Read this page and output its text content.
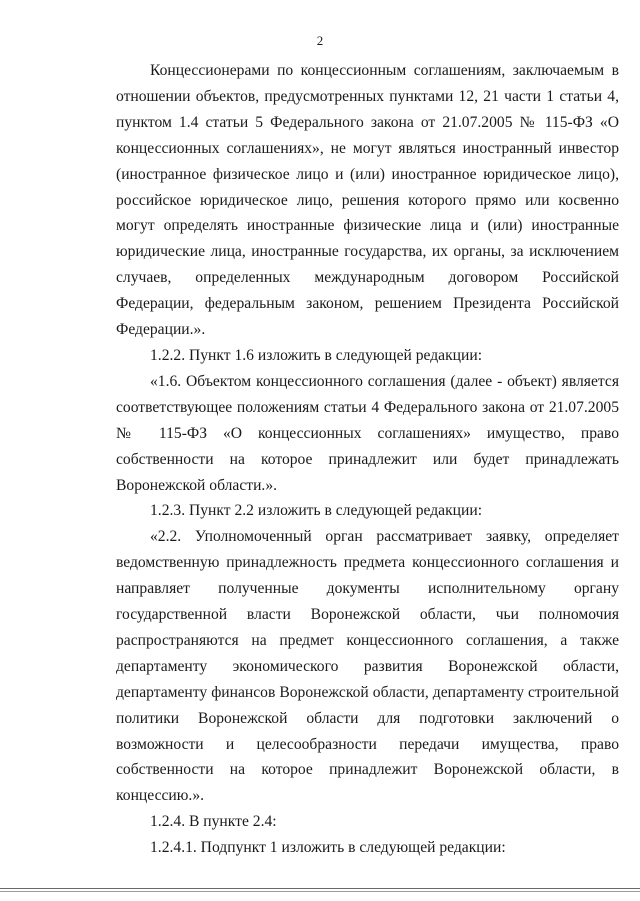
2

Концессионерами по концессионным соглашениям, заключаемым в отношении объектов, предусмотренных пунктами 12, 21 части 1 статьи 4, пунктом 1.4 статьи 5 Федерального закона от 21.07.2005 № 115-ФЗ «О концессионных соглашениях», не могут являться иностранный инвестор (иностранное физическое лицо и (или) иностранное юридическое лицо), российское юридическое лицо, решения которого прямо или косвенно могут определять иностранные физические лица и (или) иностранные юридические лица, иностранные государства, их органы, за исключением случаев, определенных международным договором Российской Федерации, федеральным законом, решением Президента Российской Федерации.».

1.2.2. Пункт 1.6 изложить в следующей редакции:

«1.6. Объектом концессионного соглашения (далее - объект) является соответствующее положениям статьи 4 Федерального закона от 21.07.2005 № 115-ФЗ «О концессионных соглашениях» имущество, право собственности на которое принадлежит или будет принадлежать Воронежской области.».

1.2.3. Пункт 2.2 изложить в следующей редакции:

«2.2. Уполномоченный орган рассматривает заявку, определяет ведомственную принадлежность предмета концессионного соглашения и направляет полученные документы исполнительному органу государственной власти Воронежской области, чьи полномочия распространяются на предмет концессионного соглашения, а также департаменту экономического развития Воронежской области, департаменту финансов Воронежской области, департаменту строительной политики Воронежской области для подготовки заключений о возможности и целесообразности передачи имущества, право собственности на которое принадлежит Воронежской области, в концессию.».

1.2.4. В пункте 2.4:

1.2.4.1. Подпункт 1 изложить в следующей редакции:
